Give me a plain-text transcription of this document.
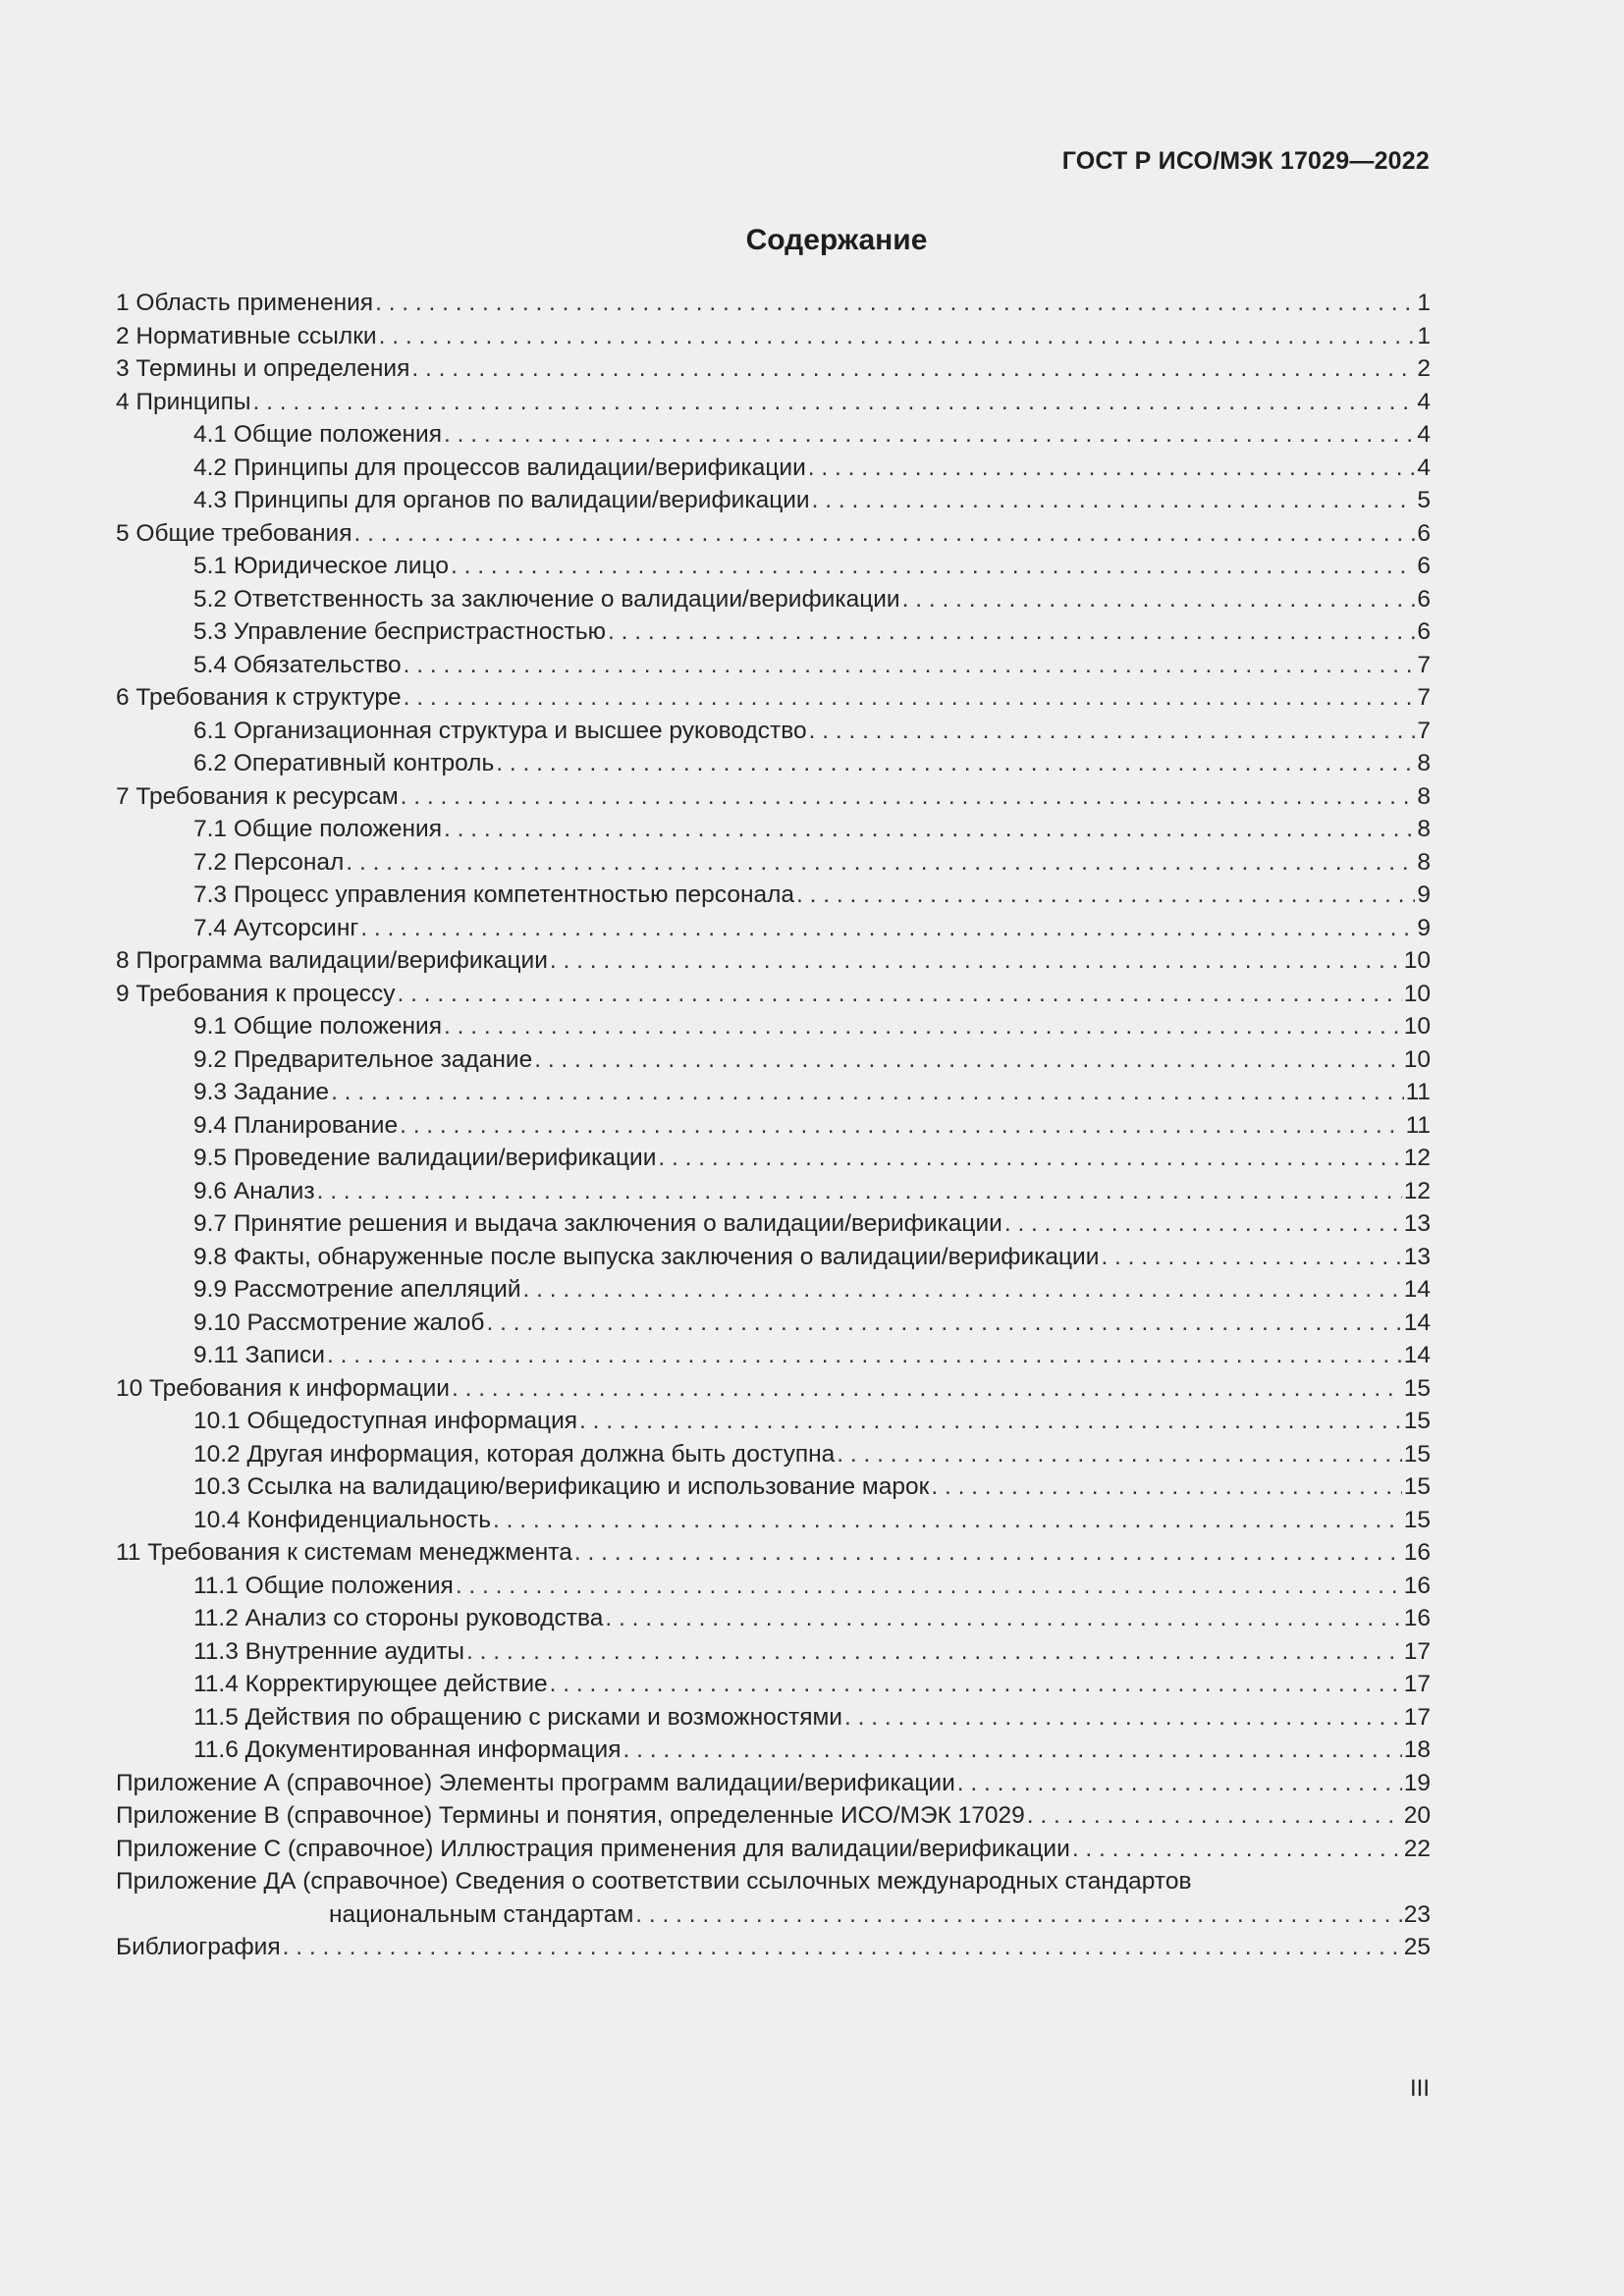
ГОСТ Р ИСО/МЭК 17029—2022
Содержание
1 Область применения . . .	1
2 Нормативные ссылки . . .	1
3 Термины и определения . . .	2
4 Принципы . . .	4
4.1 Общие положения . . .	4
4.2 Принципы для процессов валидации/верификации . . .	4
4.3 Принципы для органов по валидации/верификации . . .	5
5 Общие требования . . .	6
5.1 Юридическое лицо . . .	6
5.2 Ответственность за заключение о валидации/верификации . . .	6
5.3 Управление беспристрастностью . . .	6
5.4 Обязательство . . .	7
6 Требования к структуре . . .	7
6.1 Организационная структура и высшее руководство . . .	7
6.2 Оперативный контроль . . .	8
7 Требования к ресурсам . . .	8
7.1 Общие положения . . .	8
7.2 Персонал . . .	8
7.3 Процесс управления компетентностью персонала . . .	9
7.4 Аутсорсинг . . .	9
8 Программа валидации/верификации . . .	10
9 Требования к процессу . . .	10
9.1 Общие положения . . .	10
9.2 Предварительное задание . . .	10
9.3 Задание . . .	11
9.4 Планирование . . .	11
9.5 Проведение валидации/верификации . . .	12
9.6 Анализ . . .	12
9.7 Принятие решения и выдача заключения о валидации/верификации . . .	13
9.8 Факты, обнаруженные после выпуска заключения о валидации/верификации . . .	13
9.9 Рассмотрение апелляций . . .	14
9.10 Рассмотрение жалоб . . .	14
9.11 Записи . . .	14
10 Требования к информации . . .	15
10.1 Общедоступная информация . . .	15
10.2 Другая информация, которая должна быть доступна . . .	15
10.3 Ссылка на валидацию/верификацию и использование марок . . .	15
10.4 Конфиденциальность . . .	15
11 Требования к системам менеджмента . . .	16
11.1 Общие положения . . .	16
11.2 Анализ со стороны руководства . . .	16
11.3 Внутренние аудиты . . .	17
11.4 Корректирующее действие . . .	17
11.5 Действия по обращению с рисками и возможностями . . .	17
11.6 Документированная информация . . .	18
Приложение А (справочное) Элементы программ валидации/верификации . . .	19
Приложение В (справочное) Термины и понятия, определенные ИСО/МЭК 17029 . . .	20
Приложение С (справочное) Иллюстрация применения для валидации/верификации . . .	22
Приложение ДА (справочное) Сведения о соответствии ссылочных международных стандартов
национальным стандартам . . .	23
Библиография . . .	25
III
